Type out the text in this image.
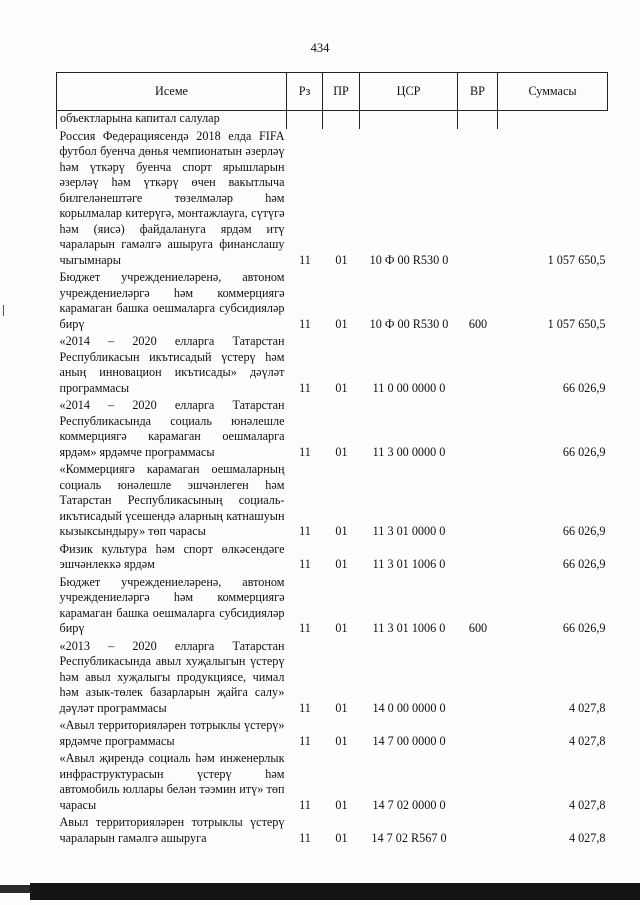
434
Исеме	Рз	ПР	ЦСР	ВР	Суммасы
объектларына капитал салулар					
Россия Федерациясендә 2018 елда FIFA футбол буенча дөнья чемпионатын әзерләү һәм үткәрү буенча спорт ярышларын әзерләү һәм үткәрү өчен вакытлыча билгеләнештәге төзелмәләр һәм корылмалар китерүгә, монтажлауга, сүтүгә һәм (яисә) файдалануга ярдәм итү чараларын гамәлгә ашыруга финанслашу чыгымнары	11	01	10 Ф 00 R530 0		1 057 650,5
Бюджет учреждениеләренә, автоном учреждениеләргә һәм коммерциягә карамаган башка оешмаларга субсидияләр бирү	11	01	10 Ф 00 R530 0	600	1 057 650,5
«2014 – 2020 елларга Татарстан Республикасын икътисадый үстерү һәм аның инновацион икътисады» дәүләт программасы	11	01	11 0 00 0000 0		66 026,9
«2014 – 2020 елларга Татарстан Республикасында социаль юнәлешле коммерциягә карамаган оешмаларга ярдәм» ярдәмче программасы	11	01	11 3 00 0000 0		66 026,9
«Коммерциягә карамаган оешмаларның социаль юнәлешле эшчәнлеген һәм Татарстан Республикасының социаль-икътисадый үсешендә аларның катнашуын кызыксындыру» төп чарасы	11	01	11 3 01 0000 0		66 026,9
Физик культура һәм спорт өлкәсендәге эшчәнлеккә ярдәм	11	01	11 3 01 1006 0		66 026,9
Бюджет учреждениеләренә, автоном учреждениеләргә һәм коммерциягә карамаган башка оешмаларга субсидияләр бирү	11	01	11 3 01 1006 0	600	66 026,9
«2013 – 2020 елларга Татарстан Республикасында авыл хуҗалыгын үстерү һәм авыл хуҗалыгы продукциясе, чимал һәм азык-төлек базарларын җайга салу» дәүләт программасы	11	01	14 0 00 0000 0		4 027,8
«Авыл территорияләрен тотрыклы үстерү» ярдәмче программасы	11	01	14 7 00 0000 0		4 027,8
«Авыл җирендә социаль һәм инженерлык инфраструктурасын үстерү һәм автомобиль юллары белән тәэмин итү» төп чарасы	11	01	14 7 02 0000 0		4 027,8
Авыл территорияләрен тотрыклы үстерү чараларын гамәлгә ашыруга	11	01	14 7 02 R567 0		4 027,8
